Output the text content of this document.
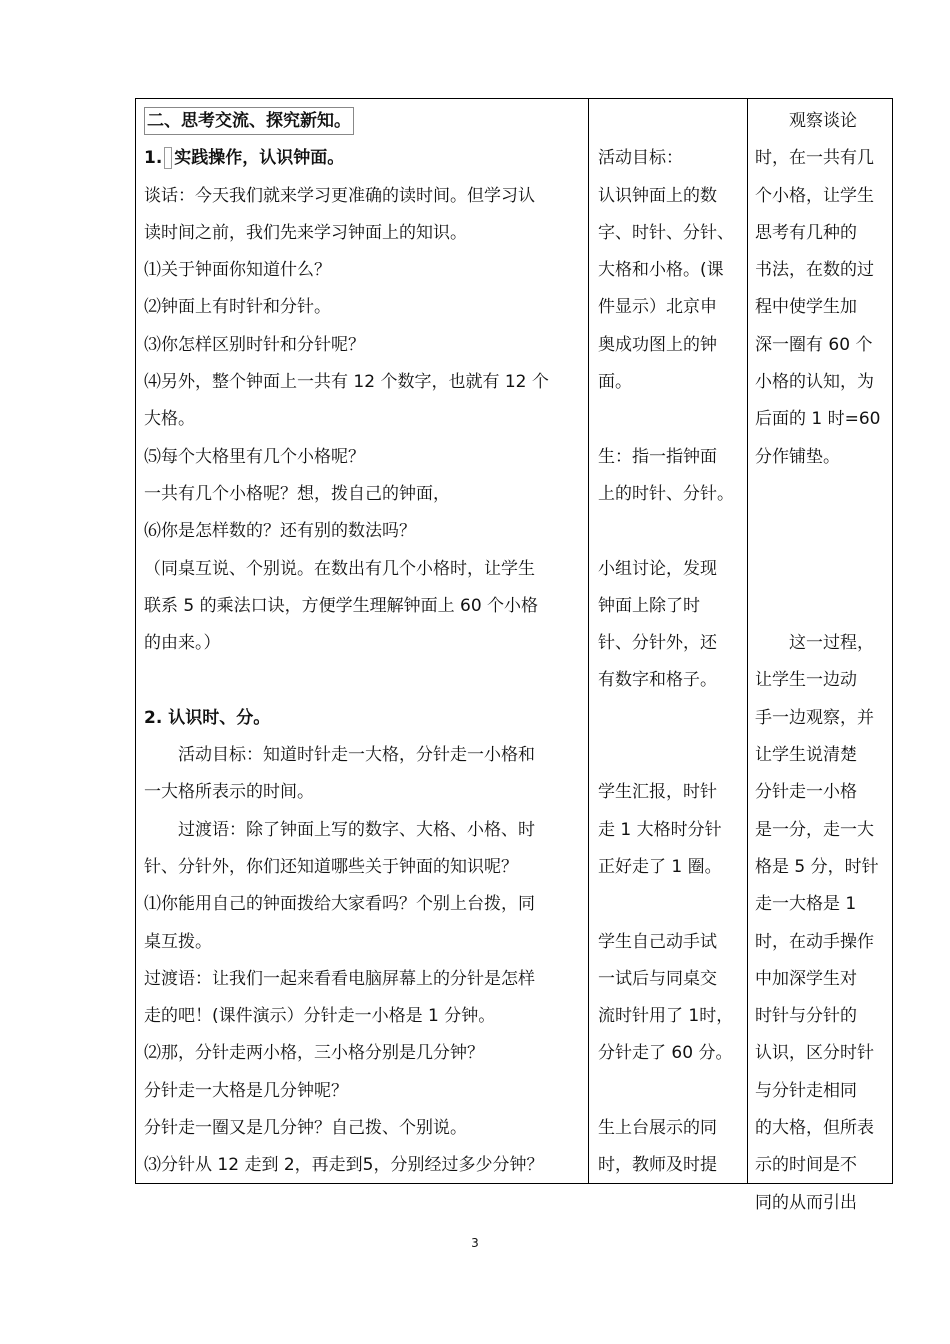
二、思考交流、探究新知。
1. 实践操作，认识钟面。
谈话：今天我们就来学习更准确的读时间。但学习认
读时间之前，我们先来学习钟面上的知识。
⑴关于钟面你知道什么？
⑵钟面上有时针和分针。
⑶你怎样区别时针和分针呢？
⑷另外，整个钟面上一共有 12 个数字，也就有 12 个
大格。
⑸每个大格里有几个小格呢？
一共有几个小格呢？想，拨自己的钟面，
⑹你是怎样数的？还有别的数法吗？
（同桌互说、个别说。在数出有几个小格时，让学生
联系 5 的乘法口诀，方便学生理解钟面上 60 个小格
的由来。）
2. 认识时、分。
活动目标：知道时针走一大格，分针走一小格和
一大格所表示的时间。
过渡语：除了钟面上写的数字、大格、小格、时
针、分针外，你们还知道哪些关于钟面的知识呢？
⑴你能用自己的钟面拨给大家看吗？个别上台拨，同
桌互拨。
过渡语：让我们一起来看看电脑屏幕上的分针是怎样
走的吧！(课件演示）分针走一小格是 1 分钟。
⑵那，分针走两小格，三小格分别是几分钟？
分针走一大格是几分钟呢？
分针走一圈又是几分钟？自己拨、个别说。
⑶分针从 12 走到 2，再走到5，分别经过多少分钟？
活动目标：
认识钟面上的数
字、时针、分针、
大格和小格。(课
件显示）北京申
奥成功图上的钟
面。
生：指一指钟面
上的时针、分针。
小组讨论，发现
钟面上除了时
针、分针外，还
有数字和格子。
学生汇报，时针
走 1 大格时分针
正好走了 1 圈。
学生自己动手试
一试后与同桌交
流时针用了 1时，
分针走了 60 分。
生上台展示的同
时，教师及时提
观察谈论
时，在一共有几
个小格，让学生
思考有几种的
书法，在数的过
程中使学生加
深一圈有 60 个
小格的认知，为
后面的 1 时=60
分作铺垫。
这一过程，
让学生一边动
手一边观察，并
让学生说清楚
分针走一小格
是一分，走一大
格是 5 分，时针
走一大格是 1
时，在动手操作
中加深学生对
时针与分针的
认识，区分时针
与分针走相同
的大格，但所表
示的时间是不
同的从而引出
3
